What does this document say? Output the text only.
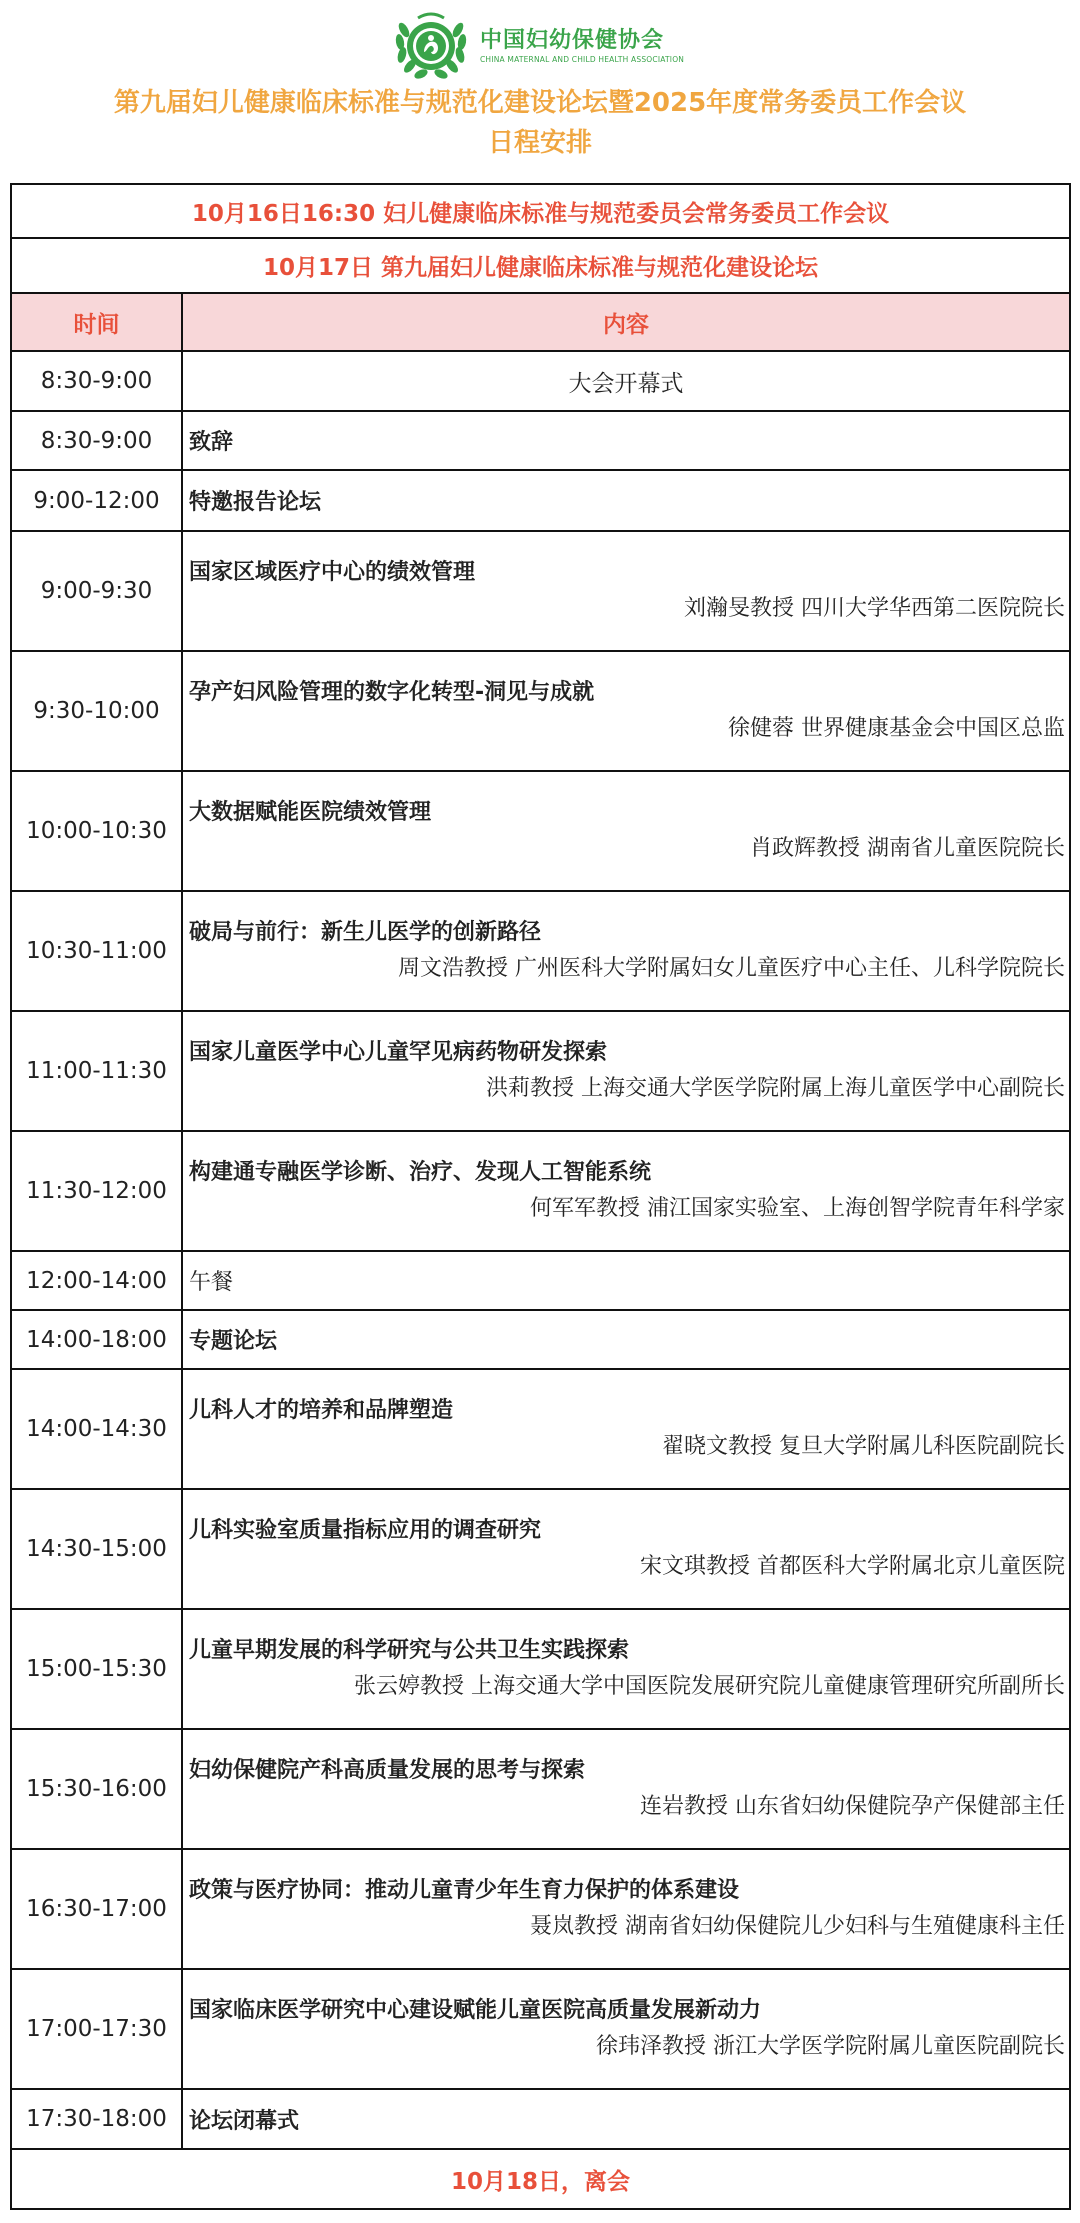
中国妇幼保健协会
CHINA MATERNAL AND CHILD HEALTH ASSOCIATION
第九届妇儿健康临床标准与规范化建设论坛暨2025年度常务委员工作会议
日程安排
10月16日16:30 妇儿健康临床标准与规范委员会常务委员工作会议	
10月17日 第九届妇儿健康临床标准与规范化建设论坛	
时间	内容
8:30-9:00	大会开幕式
8:30-9:00	致辞
9:00-12:00	特邀报告论坛
9:00-9:30	国家区域医疗中心的绩效管理
刘瀚旻教授 四川大学华西第二医院院长

9:30-10:00	孕产妇风险管理的数字化转型-洞见与成就
徐健蓉 世界健康基金会中国区总监

10:00-10:30	大数据赋能医院绩效管理
肖政辉教授 湖南省儿童医院院长

10:30-11:00	破局与前行：新生儿医学的创新路径
周文浩教授 广州医科大学附属妇女儿童医疗中心主任、儿科学院院长

11:00-11:30	国家儿童医学中心儿童罕见病药物研发探索
洪莉教授 上海交通大学医学院附属上海儿童医学中心副院长

11:30-12:00	构建通专融医学诊断、治疗、发现人工智能系统
何军军教授 浦江国家实验室、上海创智学院青年科学家

12:00-14:00	午餐
14:00-18:00	专题论坛
14:00-14:30	儿科人才的培养和品牌塑造
翟晓文教授 复旦大学附属儿科医院副院长

14:30-15:00	儿科实验室质量指标应用的调查研究
宋文琪教授 首都医科大学附属北京儿童医院

15:00-15:30	儿童早期发展的科学研究与公共卫生实践探索
张云婷教授 上海交通大学中国医院发展研究院儿童健康管理研究所副所长

15:30-16:00	妇幼保健院产科高质量发展的思考与探索
连岩教授 山东省妇幼保健院孕产保健部主任

16:30-17:00	政策与医疗协同：推动儿童青少年生育力保护的体系建设
聂岚教授 湖南省妇幼保健院儿少妇科与生殖健康科主任

17:00-17:30	国家临床医学研究中心建设赋能儿童医院高质量发展新动力
徐玮泽教授 浙江大学医学院附属儿童医院副院长

17:30-18:00	论坛闭幕式
10月18日，离会	
